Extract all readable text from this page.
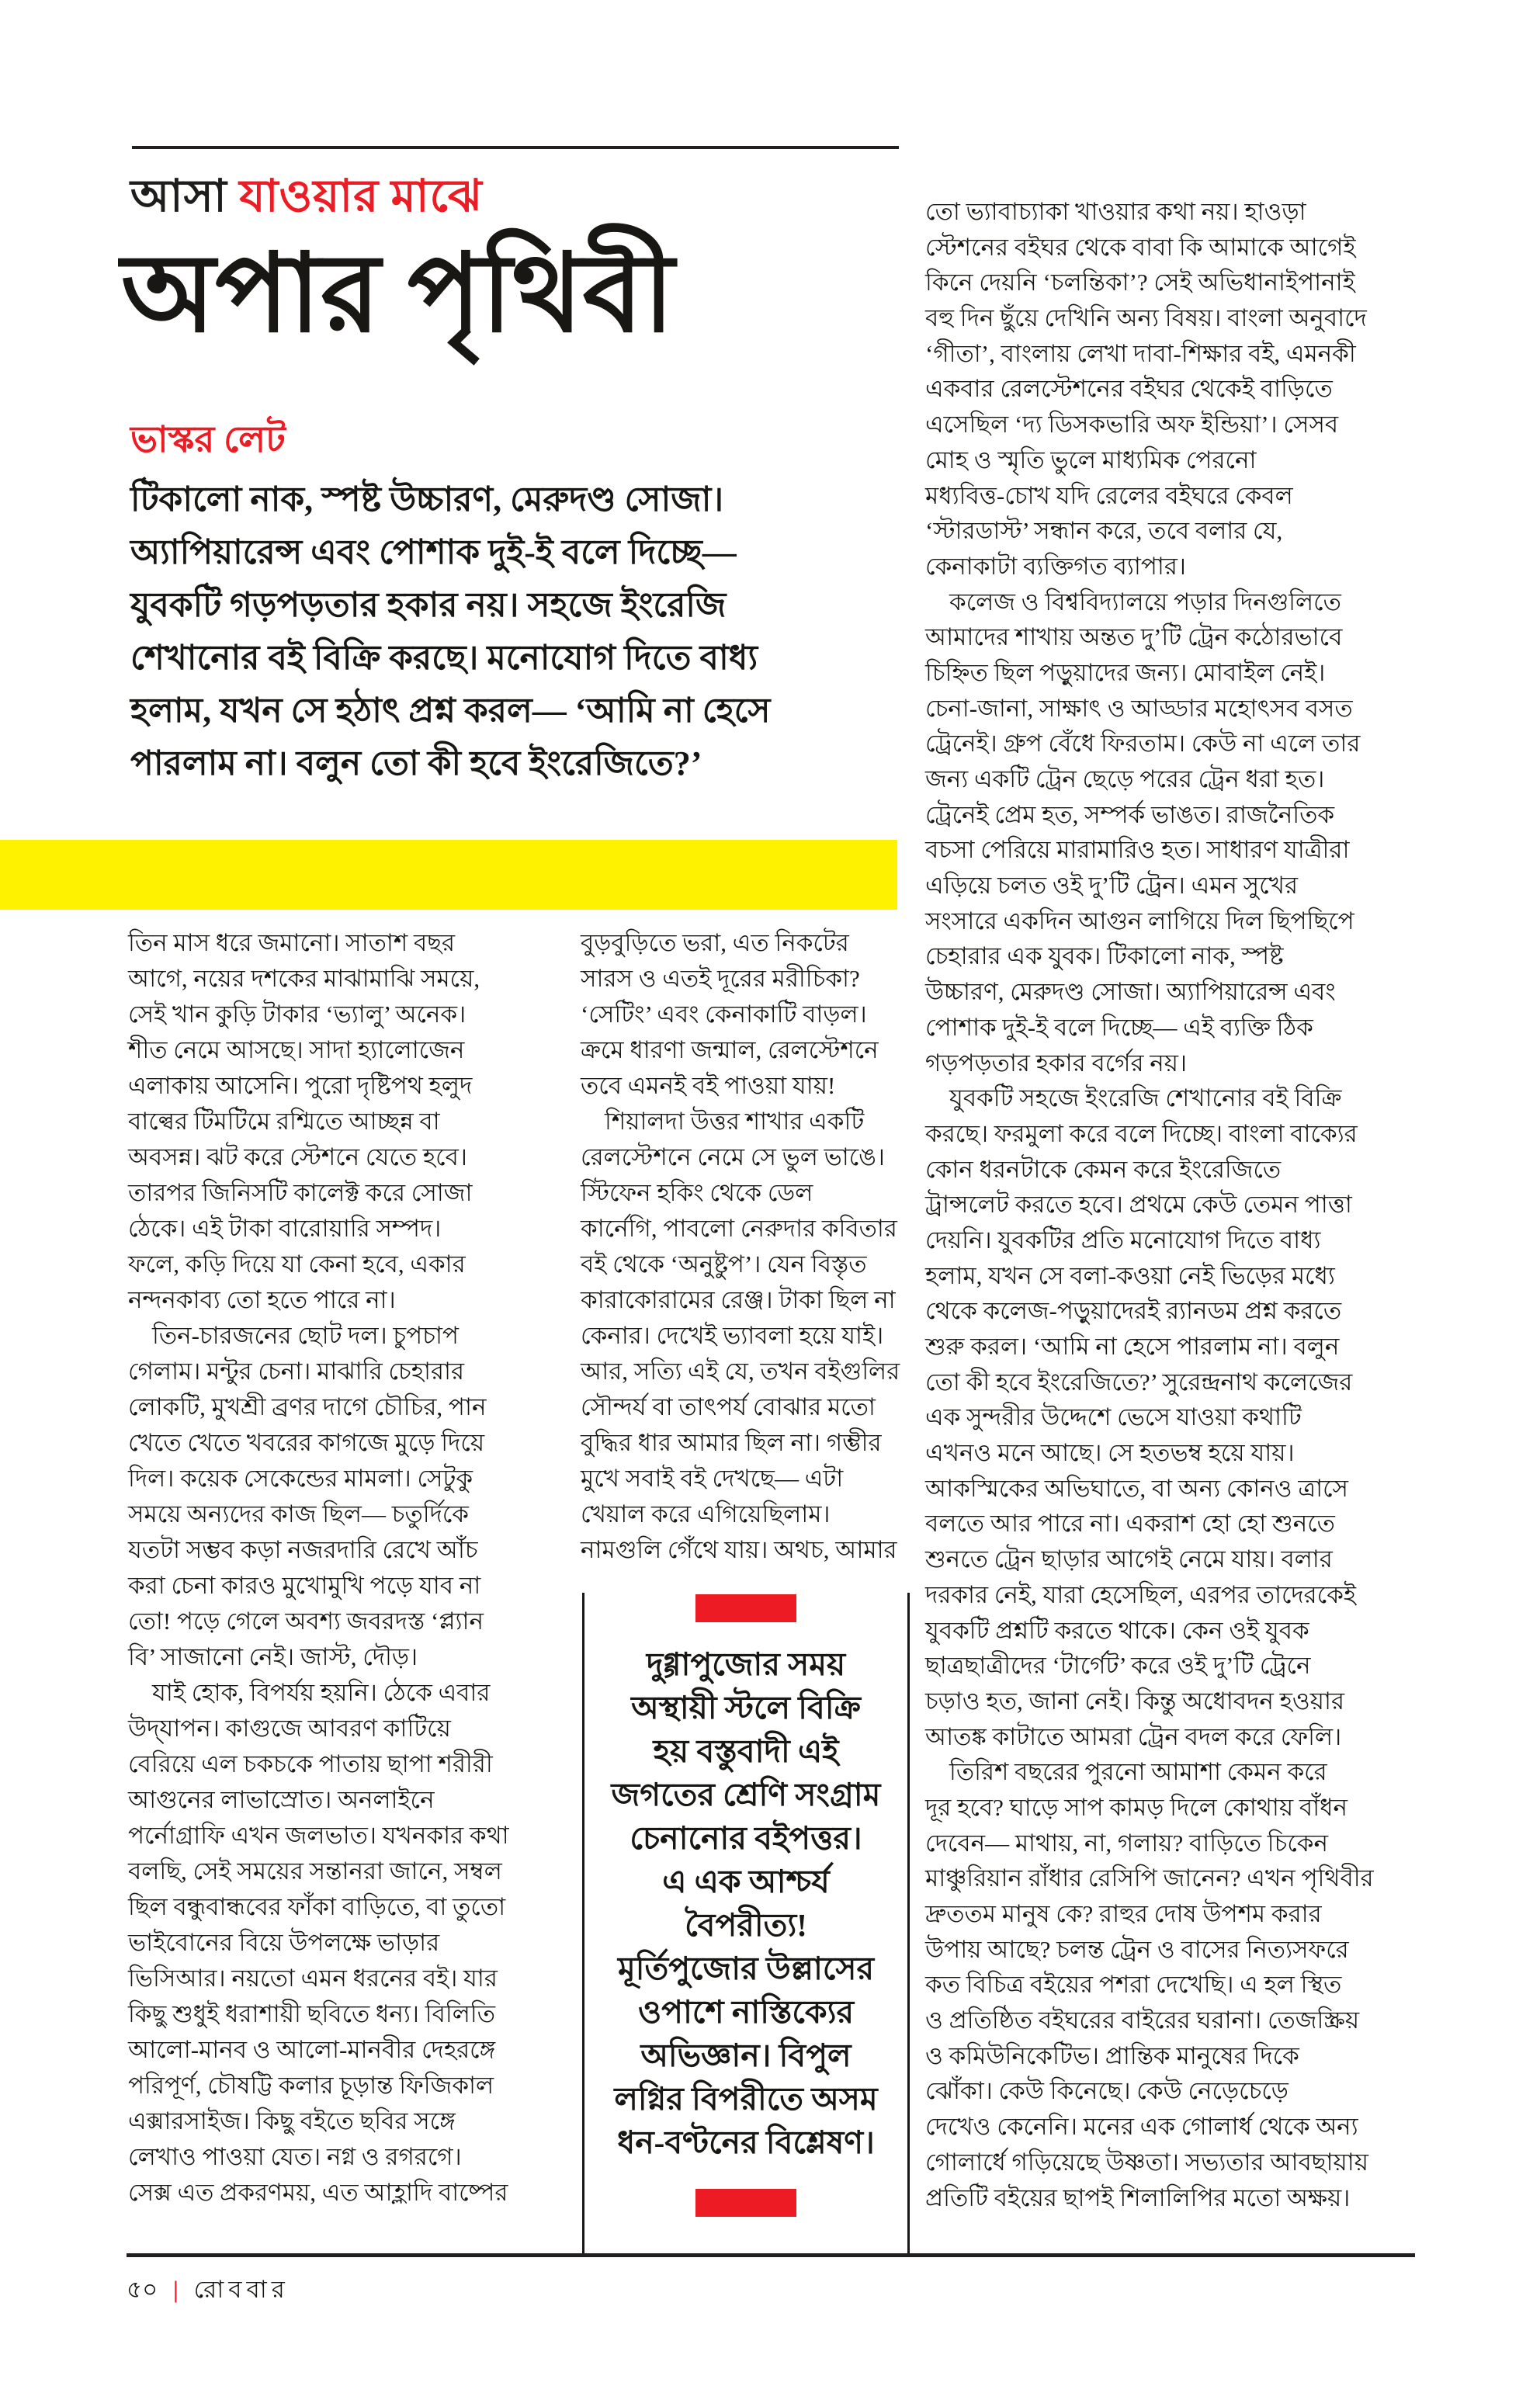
আসা যাওয়ার মাঝে
অপার পৃথিবী
ভাস্কর লেট
টিকালো নাক, স্পষ্ট উচ্চারণ, মেরুদণ্ড সোজা।
অ্যাপিয়ারেন্স এবং পোশাক দুই-ই বলে দিচ্ছে—
যুবকটি গড়পড়তার হকার নয়। সহজে ইংরেজি
শেখানোর বই বিক্রি করছে। মনোযোগ দিতে বাধ্য
হলাম, যখন সে হঠাৎ প্রশ্ন করল— ‘আমি না হেসে
পারলাম না। বলুন তো কী হবে ইংরেজিতে?’
তিন মাস ধরে জমানো। সাতাশ বছর
আগে, নয়ের দশকের মাঝামাঝি সময়ে,
সেই খান কুড়ি টাকার ‘ভ্যালু’ অনেক।
শীত নেমে আসছে। সাদা হ্যালোজেন
এলাকায় আসেনি। পুরো দৃষ্টিপথ হলুদ
বাল্বের টিমটিমে রশ্মিতে আচ্ছন্ন বা
অবসন্ন। ঝট করে স্টেশনে যেতে হবে।
তারপর জিনিসটি কালেক্ট করে সোজা
ঠেকে। এই টাকা বারোয়ারি সম্পদ।
ফলে, কড়ি দিয়ে যা কেনা হবে, একার
নন্দনকাব্য তো হতে পারে না।
 তিন-চারজনের ছোট দল। চুপচাপ
গেলাম। মন্টুর চেনা। মাঝারি চেহারার
লোকটি, মুখশ্রী ব্রণর দাগে চৌচির, পান
খেতে খেতে খবরের কাগজে মুড়ে দিয়ে
দিল। কয়েক সেকেন্ডের মামলা। সেটুকু
সময়ে অন্যদের কাজ ছিল— চতুর্দিকে
যতটা সম্ভব কড়া নজরদারি রেখে আঁচ
করা চেনা কারও মুখোমুখি পড়ে যাব না
তো! পড়ে গেলে অবশ্য জবরদস্ত ‘প্ল্যান
বি’ সাজানো নেই। জাস্ট, দৌড়।
 যাই হোক, বিপর্যয় হয়নি। ঠেকে এবার
উদ্‌যাপন। কাগুজে আবরণ কাটিয়ে
বেরিয়ে এল চকচকে পাতায় ছাপা শরীরী
আগুনের লাভাস্রোত। অনলাইনে
পর্নোগ্রাফি এখন জলভাত। যখনকার কথা
বলছি, সেই সময়ের সন্তানরা জানে, সম্বল
ছিল বন্ধুবান্ধবের ফাঁকা বাড়িতে, বা তুতো
ভাইবোনের বিয়ে উপলক্ষে ভাড়ার
ভিসিআর। নয়তো এমন ধরনের বই। যার
কিছু শুধুই ধরাশায়ী ছবিতে ধন্য। বিলিতি
আলো-মানব ও আলো-মানবীর দেহরঙ্গে
পরিপূর্ণ, চৌষট্টি কলার চূড়ান্ত ফিজিকাল
এক্সারসাইজ। কিছু বইতে ছবির সঙ্গে
লেখাও পাওয়া যেত। নগ্ন ও রগরগে।
সেক্স এত প্রকরণময়, এত আহ্লাদি বাষ্পের
বুড়বুড়িতে ভরা, এত নিকটের
সারস ও এতই দূরের মরীচিকা?
‘সেটিং’ এবং কেনাকাটি বাড়ল।
ক্রমে ধারণা জন্মাল, রেলস্টেশনে
তবে এমনই বই পাওয়া যায়!
 শিয়ালদা উত্তর শাখার একটি
রেলস্টেশনে নেমে সে ভুল ভাঙে।
স্টিফেন হকিং থেকে ডেল
কার্নেগি, পাবলো নেরুদার কবিতার
বই থেকে ‘অনুষ্টুপ’। যেন বিস্তৃত
কারাকোরামের রেঞ্জ। টাকা ছিল না
কেনার। দেখেই ভ্যাবলা হয়ে যাই।
আর, সত্যি এই যে, তখন বইগুলির
সৌন্দর্য বা তাৎপর্য বোঝার মতো
বুদ্ধির ধার আমার ছিল না। গম্ভীর
মুখে সবাই বই দেখছে— এটা
খেয়াল করে এগিয়েছিলাম।
নামগুলি গেঁথে যায়। অথচ, আমার
তো ভ্যাবাচ্যাকা খাওয়ার কথা নয়। হাওড়া
স্টেশনের বইঘর থেকে বাবা কি আমাকে আগেই
কিনে দেয়নি ‘চলন্তিকা’? সেই অভিধানাইপানাই
বহু দিন ছুঁয়ে দেখিনি অন্য বিষয়। বাংলা অনুবাদে
‘গীতা’, বাংলায় লেখা দাবা-শিক্ষার বই, এমনকী
একবার রেলস্টেশনের বইঘর থেকেই বাড়িতে
এসেছিল ‘দ্য ডিসকভারি অফ ইন্ডিয়া’। সেসব
মোহ ও স্মৃতি ভুলে মাধ্যমিক পেরনো
মধ্যবিত্ত-চোখ যদি রেলের বইঘরে কেবল
‘স্টারডাস্ট’ সন্ধান করে, তবে বলার যে,
কেনাকাটা ব্যক্তিগত ব্যাপার।
 কলেজ ও বিশ্ববিদ্যালয়ে পড়ার দিনগুলিতে
আমাদের শাখায় অন্তত দু’টি ট্রেন কঠোরভাবে
চিহ্নিত ছিল পড়ুয়াদের জন্য। মোবাইল নেই।
চেনা-জানা, সাক্ষাৎ ও আড্ডার মহোৎসব বসত
ট্রেনেই। গ্রুপ বেঁধে ফিরতাম। কেউ না এলে তার
জন্য একটি ট্রেন ছেড়ে পরের ট্রেন ধরা হত।
ট্রেনেই প্রেম হত, সম্পর্ক ভাঙত। রাজনৈতিক
বচসা পেরিয়ে মারামারিও হত। সাধারণ যাত্রীরা
এড়িয়ে চলত ওই দু’টি ট্রেন। এমন সুখের
সংসারে একদিন আগুন লাগিয়ে দিল ছিপছিপে
চেহারার এক যুবক। টিকালো নাক, স্পষ্ট
উচ্চারণ, মেরুদণ্ড সোজা। অ্যাপিয়ারেন্স এবং
পোশাক দুই-ই বলে দিচ্ছে— এই ব্যক্তি ঠিক
গড়পড়তার হকার বর্গের নয়।
 যুবকটি সহজে ইংরেজি শেখানোর বই বিক্রি
করছে। ফরমুলা করে বলে দিচ্ছে। বাংলা বাক্যের
কোন ধরনটাকে কেমন করে ইংরেজিতে
ট্রান্সলেট করতে হবে। প্রথমে কেউ তেমন পাত্তা
দেয়নি। যুবকটির প্রতি মনোযোগ দিতে বাধ্য
হলাম, যখন সে বলা-কওয়া নেই ভিড়ের মধ্যে
থেকে কলেজ-পড়ুয়াদেরই র‍্যানডম প্রশ্ন করতে
শুরু করল। ‘আমি না হেসে পারলাম না। বলুন
তো কী হবে ইংরেজিতে?’ সুরেন্দ্রনাথ কলেজের
এক সুন্দরীর উদ্দেশে ভেসে যাওয়া কথাটি
এখনও মনে আছে। সে হতভম্ব হয়ে যায়।
আকস্মিকের অভিঘাতে, বা অন্য কোনও ত্রাসে
বলতে আর পারে না। একরাশ হো হো শুনতে
শুনতে ট্রেন ছাড়ার আগেই নেমে যায়। বলার
দরকার নেই, যারা হেসেছিল, এরপর তাদেরকেই
যুবকটি প্রশ্নটি করতে থাকে। কেন ওই যুবক
ছাত্রছাত্রীদের ‘টার্গেট’ করে ওই দু’টি ট্রেনে
চড়াও হত, জানা নেই। কিন্তু অধোবদন হওয়ার
আতঙ্ক কাটাতে আমরা ট্রেন বদল করে ফেলি।
 তিরিশ বছরের পুরনো আমাশা কেমন করে
দূর হবে? ঘাড়ে সাপ কামড় দিলে কোথায় বাঁধন
দেবেন— মাথায়, না, গলায়? বাড়িতে চিকেন
মাঞ্চুরিয়ান রাঁধার রেসিপি জানেন? এখন পৃথিবীর
দ্রুততম মানুষ কে? রাহুর দোষ উপশম করার
উপায় আছে? চলন্ত ট্রেন ও বাসের নিত্যসফরে
কত বিচিত্র বইয়ের পশরা দেখেছি। এ হল স্থিত
ও প্রতিষ্ঠিত বইঘরের বাইরের ঘরানা। তেজস্ক্রিয়
ও কমিউনিকেটিভ। প্রান্তিক মানুষের দিকে
ঝোঁকা। কেউ কিনেছে। কেউ নেড়েচেড়ে
দেখেও কেনেনি। মনের এক গোলার্ধ থেকে অন্য
গোলার্ধে গড়িয়েছে উষ্ণতা। সভ্যতার আবছায়ায়
প্রতিটি বইয়ের ছাপই শিলালিপির মতো অক্ষয়।
দুগ্গাপুজোর সময়
অস্থায়ী স্টলে বিক্রি
হয় বস্তুবাদী এই
জগতের শ্রেণি সংগ্রাম
চেনানোর বইপত্তর।
এ এক আশ্চর্য
বৈপরীত্য!
মূর্তিপুজোর উল্লাসের
ওপাশে নাস্তিক্যের
অভিজ্ঞান। বিপুল
লগ্নির বিপরীতে অসম
ধন-বণ্টনের বিশ্লেষণ।
৫০ | রোববার
